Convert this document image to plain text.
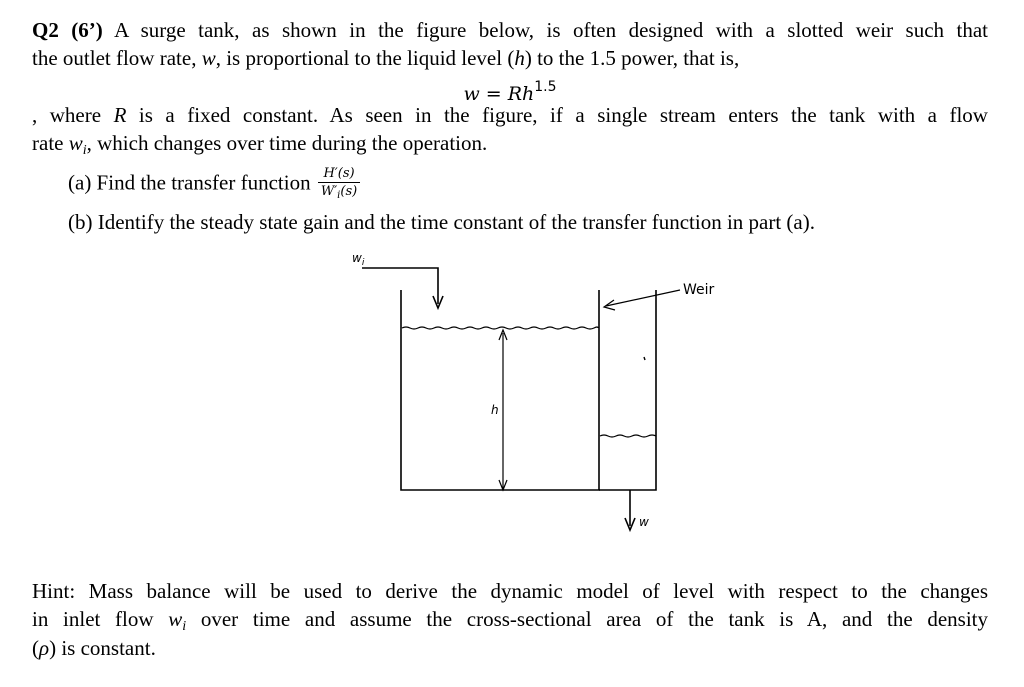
Q2 (6’) A surge tank, as shown in the figure below, is often designed with a slotted weir such that

the outlet flow rate, w, is proportional to the liquid level (h) to the 1.5 power, that is,

$w = Rh^{1.5}$

, where R is a fixed constant. As seen in the figure, if a single stream enters the tank with a flow

rate $w_i$, which changes over time during the operation.

(a) Find the transfer function $\frac{H'(s)}{W'_i(s)}$

(b) Identify the steady state gain and the time constant of the transfer function in part (a).

$w_i$
Weir
h
w

Hint: Mass balance will be used to derive the dynamic model of level with respect to the changes

in inlet flow $w_i$ over time and assume the cross-sectional area of the tank is A, and the density

(ρ) is constant.
